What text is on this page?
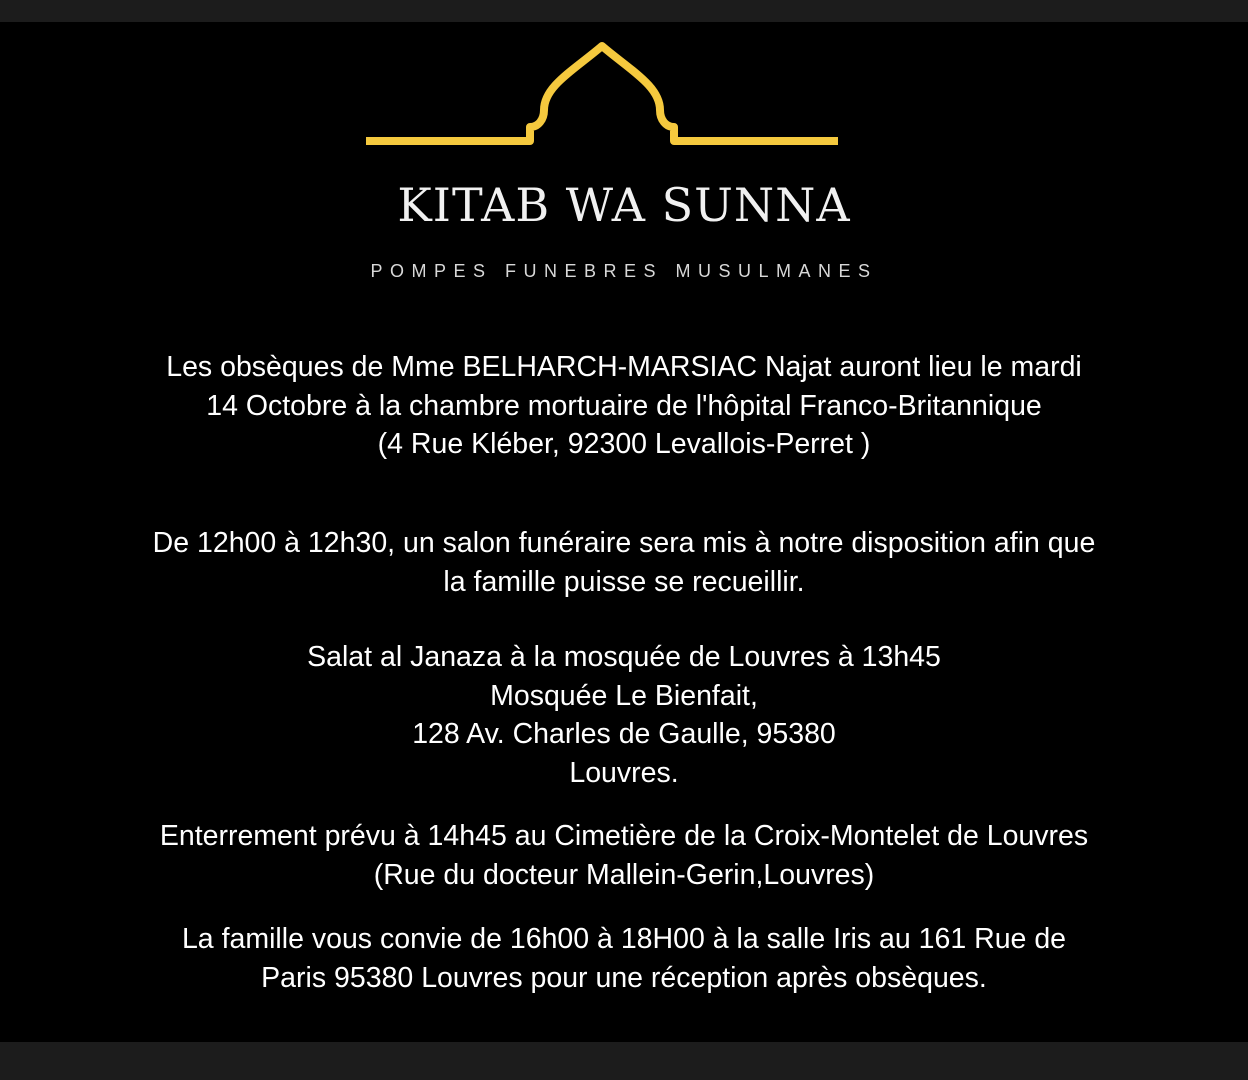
KITAB WA SUNNA
POMPES FUNEBRES MUSULMANES
Les obsèques de Mme BELHARCH-MARSIAC Najat auront lieu le mardi
14 Octobre à la chambre mortuaire de l'hôpital Franco-Britannique
(4 Rue Kléber, 92300 Levallois-Perret )
De 12h00 à 12h30, un salon funéraire sera mis à notre disposition afin que
la famille puisse se recueillir.
Salat al Janaza à la mosquée de Louvres à 13h45
Mosquée Le Bienfait,
128 Av. Charles de Gaulle, 95380
Louvres.
Enterrement prévu à 14h45 au Cimetière de la Croix-Montelet de Louvres
(Rue du docteur Mallein-Gerin,Louvres)
La famille vous convie de 16h00 à 18H00 à la salle Iris au 161 Rue de
Paris 95380 Louvres pour une réception après obsèques.
